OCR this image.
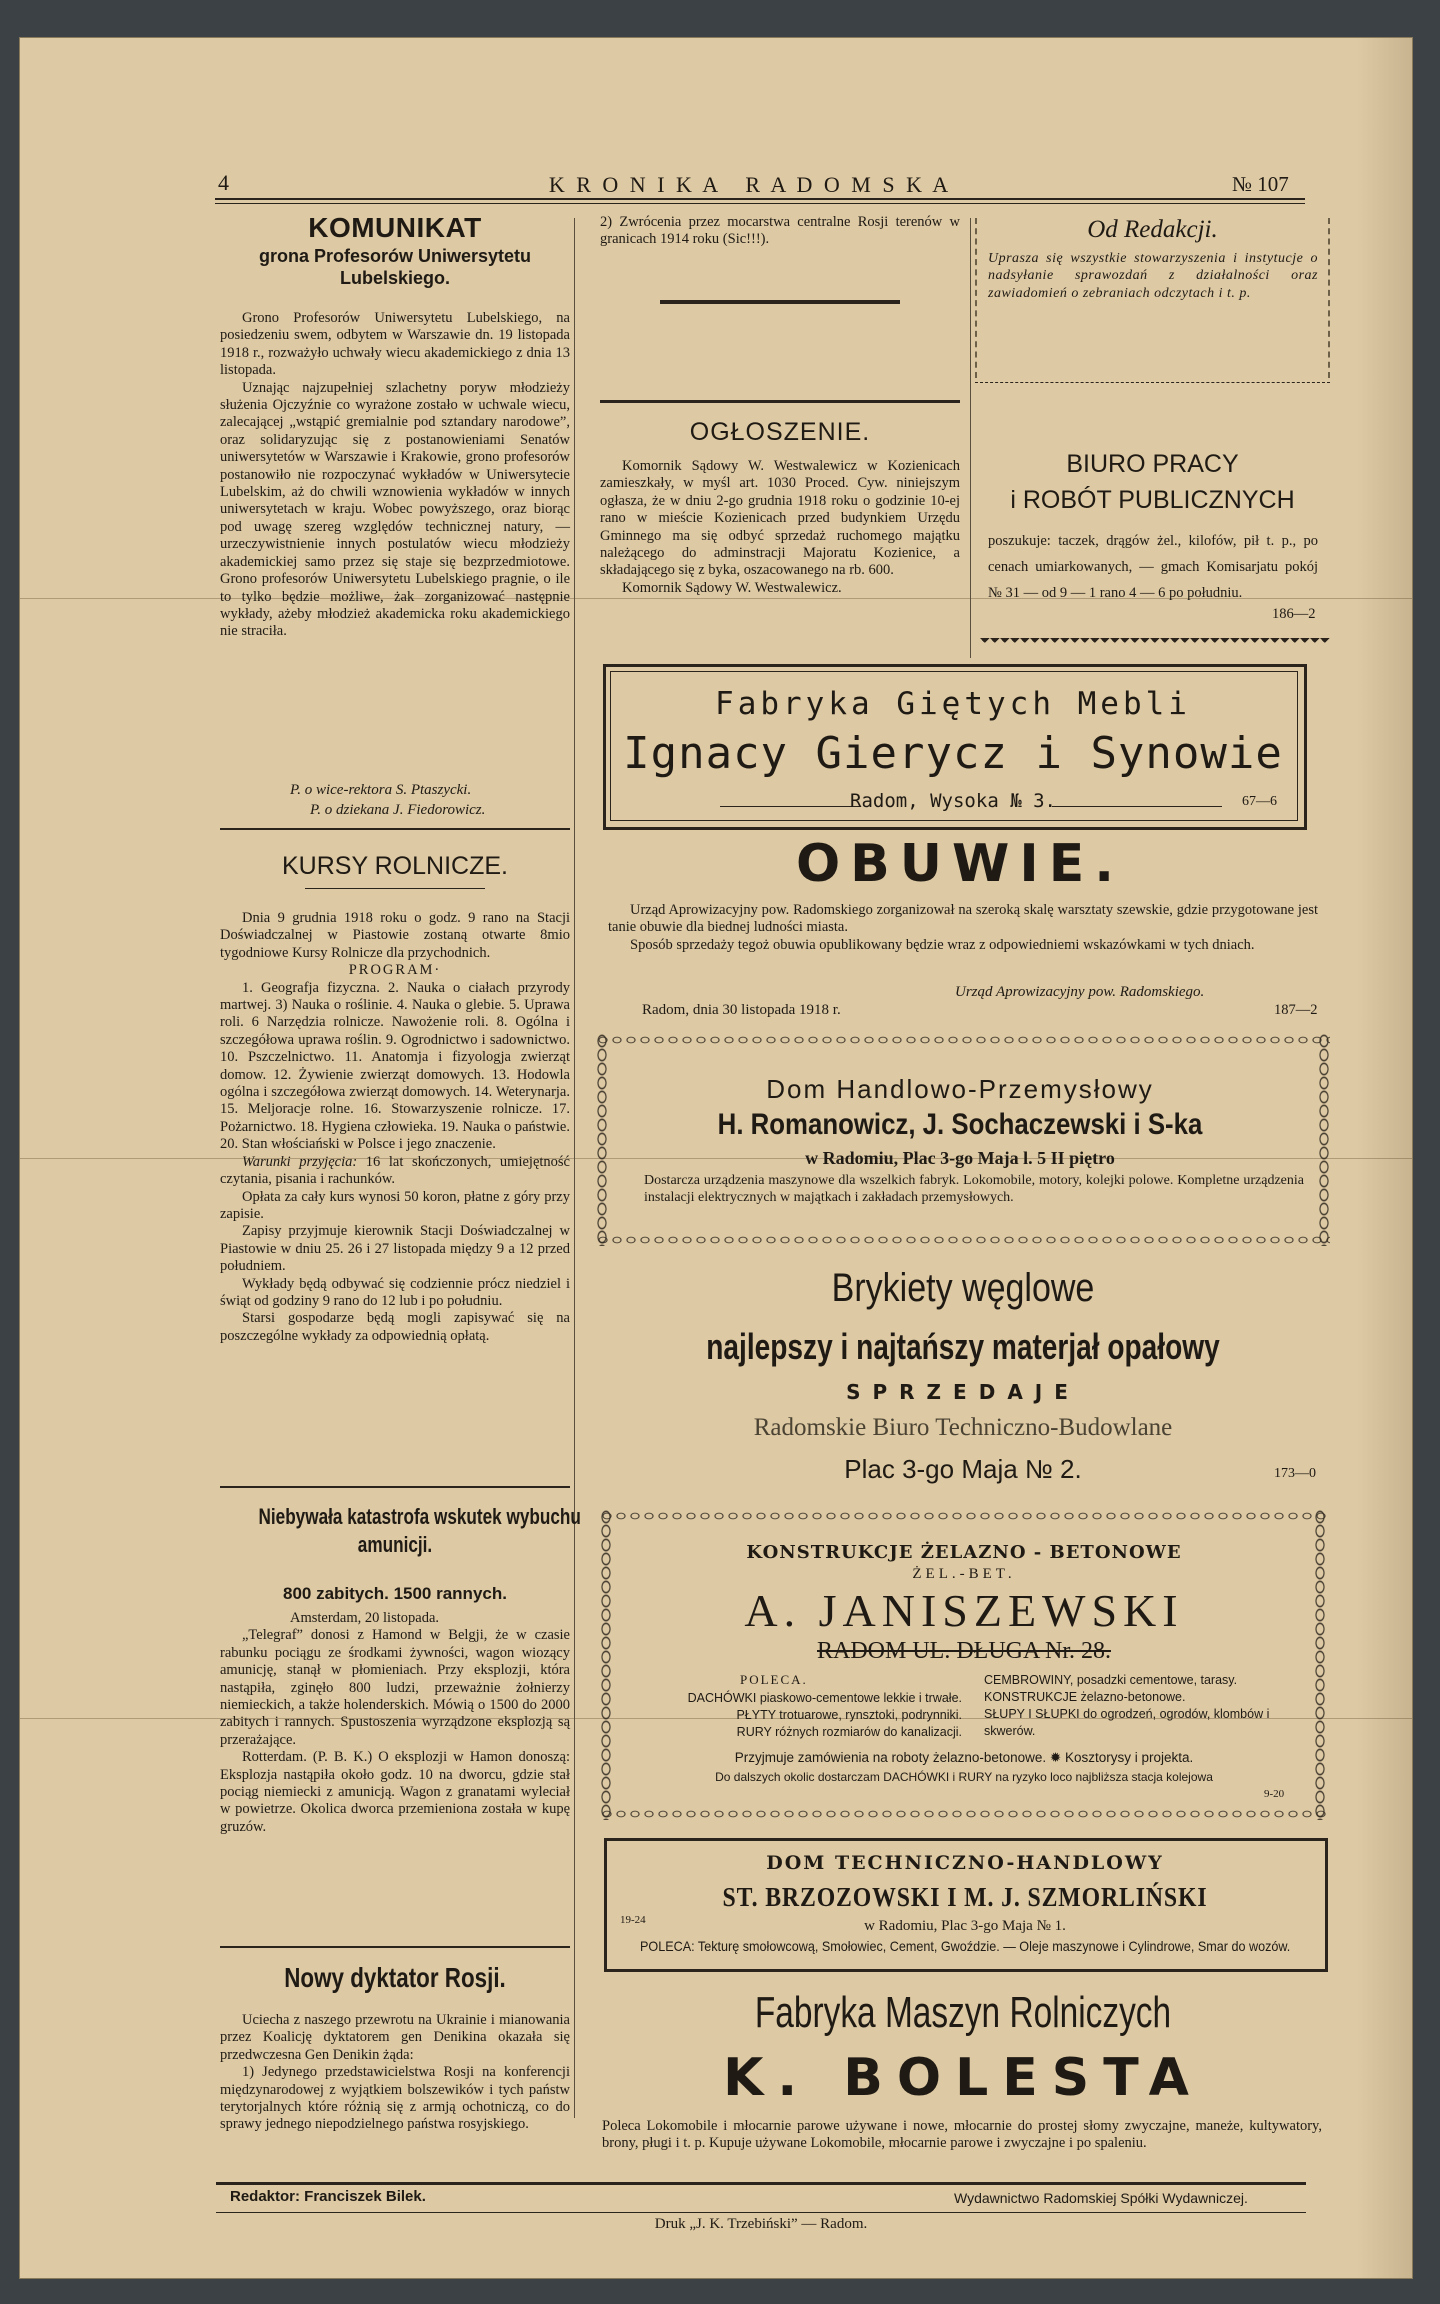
4	K R O N I K A   R A D O M S K A	№ 107
KOMUNIKAT
grona Profesorów Uniwersytetu
Lubelskiego.

Grono Profesorów Uniwersytetu Lubelskiego, na posiedzeniu swem, odbytem w Warszawie dn. 19 listopada 1918 r., rozważyło uchwały wiecu akademickiego z dnia 13 listopada.

Uznając najzupełniej szlachetny poryw młodzieży służenia Ojczyźnie co wyrażone zostało w uchwale wiecu, zalecającej „wstąpić gremialnie pod sztandary narodowe”, oraz solidaryzując się z postanowieniami Senatów uniwersytetów w Warszawie i Krakowie, grono profesorów postanowiło nie rozpoczynać wykładów w Uniwersytecie Lubelskim, aż do chwili wznowienia wykładów w innych uniwersytetach w kraju. Wobec powyższego, oraz biorąc pod uwagę szereg względów technicznej natury, — urzeczywistnienie innych postulatów wiecu młodzieży akademickiej samo przez się staje się bezprzedmiotowe. Grono profesorów Uniwersytetu Lubelskiego pragnie, o ile to tylko będzie możliwe, żak zorganizować następnie wykłady, ażeby młodzież akademicka roku akademickiego nie straciła.

P. o wice-rektora S. Ptaszycki.
P. o dziekana J. Fiedorowicz.
KURSY ROLNICZE.

Dnia 9 grudnia 1918 roku o godz. 9 rano na Stacji Doświadczalnej w Piastowie zostaną otwarte 8mio tygodniowe Kursy Rolnicze dla przychodnich.

PROGRAM·

1. Geografja fizyczna. 2. Nauka o ciałach przyrody martwej. 3) Nauka o roślinie. 4. Nauka o glebie. 5. Uprawa roli. 6 Narzędzia rolnicze. Nawożenie roli. 8. Ogólna i szczegółowa uprawa roślin. 9. Ogrodnictwo i sadownictwo. 10. Pszczelnictwo. 11. Anatomja i fizyologja zwierząt domow. 12. Żywienie zwierząt domowych. 13. Hodowla ogólna i szczegółowa zwierząt domowych. 14. Weterynarja. 15. Meljoracje rolne. 16. Stowarzyszenie rolnicze. 17. Pożarnictwo. 18. Hygiena człowieka. 19. Nauka o państwie. 20. Stan włościański w Polsce i jego znaczenie.

Warunki przyjęcia: 16 lat skończonych, umiejętność czytania, pisania i rachunków.

Opłata za cały kurs wynosi 50 koron, płatne z góry przy zapisie.

Zapisy przyjmuje kierownik Stacji Doświadczalnej w Piastowie w dniu 25. 26 i 27 listopada między 9 a 12 przed południem.

Wykłady będą odbywać się codziennie prócz niedziel i świąt od godziny 9 rano do 12 lub i po południu.

Starsi gospodarze będą mogli zapisywać się na poszczególne wykłady za odpowiednią opłatą.

Niebywała katastrofa wskutek wybuchu
amunicji.
800 zabitych. 1500 rannych.
Amsterdam, 20 listopada.

„Telegraf” donosi z Hamond w Belgji, że w czasie rabunku pociągu ze środkami żywności, wagon wiozący amunicję, stanął w płomieniach. Przy eksplozji, która nastąpiła, zginęło 800 ludzi, przeważnie żołnierzy niemieckich, a także holenderskich. Mówią o 1500 do 2000 zabitych i rannych. Spustoszenia wyrządzone eksplozją są przerażające.

Rotterdam. (P. B. K.) O eksplozji w Hamon donoszą: Eksplozja nastąpiła około godz. 10 na dworcu, gdzie stał pociąg niemiecki z amunicją. Wagon z granatami wyleciał w powietrze. Okolica dworca przemieniona została w kupę gruzów.

Nowy dyktator Rosji.

Uciecha z naszego przewrotu na Ukrainie i mianowania przez Koalicję dyktatorem gen Denikina okazała się przedwczesna Gen Denikin żąda:

1) Jedynego przedstawicielstwa Rosji na konferencji międzynarodowej z wyjątkiem bolszewików i tych państw terytorjalnych które różnią się z armją ochotniczą, co do sprawy jednego niepodzielnego państwa rosyjskiego.

2) Zwrócenia przez mocarstwa centralne Rosji terenów w granicach 1914 roku (Sic!!!).

OGŁOSZENIE.

Komornik Sądowy W. Westwalewicz w Kozienicach zamieszkały, w myśl art. 1030 Proced. Cyw. niniejszym ogłasza, że w dniu 2-go grudnia 1918 roku o godzinie 10-ej rano w mieście Kozienicach przed budynkiem Urzędu Gminnego ma się odbyć sprzedaż ruchomego majątku należącego do adminstracji Majoratu Kozienice, a składającego się z byka, oszacowanego na rb. 600.

Komornik Sądowy W. Westwalewicz.

Od Redakcji.
Uprasza się wszystkie stowarzyszenia i instytucje o nadsyłanie sprawozdań z działalności oraz zawiadomień o zebraniach odczytach i t. p.
BIURO PRACY
i ROBÓT PUBLICZNYCH
poszukuje: taczek, drągów żel., kilofów, pił t. p., po cenach umiarkowanych, — gmach Komisarjatu pokój № 31 — od 9 — 1 rano 4 — 6 po południu.
186—2
Fabryka Giętych Mebli
Ignacy Gierycz i Synowie
Radom, Wysoka № 3.	67—6
OBUWIE.

Urząd Aprowizacyjny pow. Radomskiego zorganizował na szeroką skalę warsztaty szewskie, gdzie przygotowane jest tanie obuwie dla biednej ludności miasta.

Sposób sprzedaży tegoż obuwia opublikowany będzie wraz z odpowiedniemi wskazówkami w tych dniach.

Urząd Aprowizacyjny pow. Radomskiego.
Radom, dnia 30 listopada 1918 r.	187—2
Dom Handlowo-Przemysłowy
H. Romanowicz, J. Sochaczewski i S-ka
w Radomiu, Plac 3-go Maja l. 5 II piętro
Dostarcza urządzenia maszynowe dla wszelkich fabryk. Lokomobile, motory, kolejki polowe. Kompletne urządzenia instalacji elektrycznych w majątkach i zakładach przemysłowych.
Brykiety węglowe
najlepszy i najtańszy materjał opałowy
SPRZEDAJE
Radomskie Biuro Techniczno-Budowlane
Plac 3-go Maja № 2.	173—0
KONSTRUKCJE ŻELAZNO - BETONOWE
ŻEL.-BET.
A. JANISZEWSKI
RADOM UL. DŁUGA Nr. 28.
POLECA.
DACHÓWKI piaskowo-cementowe lekkie i trwałe.
PŁYTY trotuarowe, rynsztoki, podrynniki.
RURY różnych rozmiarów do kanalizacji.
CEMBROWINY, posadzki cementowe, tarasy.
KONSTRUKCJE żelazno-betonowe.
SŁUPY I SŁUPKI do ogrodzeń, ogrodów, klombów i skwerów.
Przyjmuje zamówienia na roboty żelazno-betonowe. ✹ Kosztorysy i projekta.
Do dalszych okolic dostarczam DACHÓWKI i RURY na ryzyko loco najbliższa stacja kolejowa
9-20
DOM TECHNICZNO-HANDLOWY
ST. BRZOZOWSKI I M. J. SZMORLIŃSKI
19-24	w Radomiu, Plac 3-go Maja № 1.
POLECA: Tekturę smołowcową, Smołowiec, Cement, Gwoździe. — Oleje maszynowe i Cylindrowe, Smar do wozów.
Fabryka Maszyn Rolniczych
K. BOLESTA
Poleca Lokomobile i młocarnie parowe używane i nowe, młocarnie do prostej słomy zwyczajne, maneże, kultywatory, brony, pługi i t. p. Kupuje używane Lokomobile, młocarnie parowe i zwyczajne i po spaleniu.
Redaktor: Franciszek Bilek.	Wydawnictwo Radomskiej Spółki Wydawniczej.
Druk „J. K. Trzebiński” — Radom.
